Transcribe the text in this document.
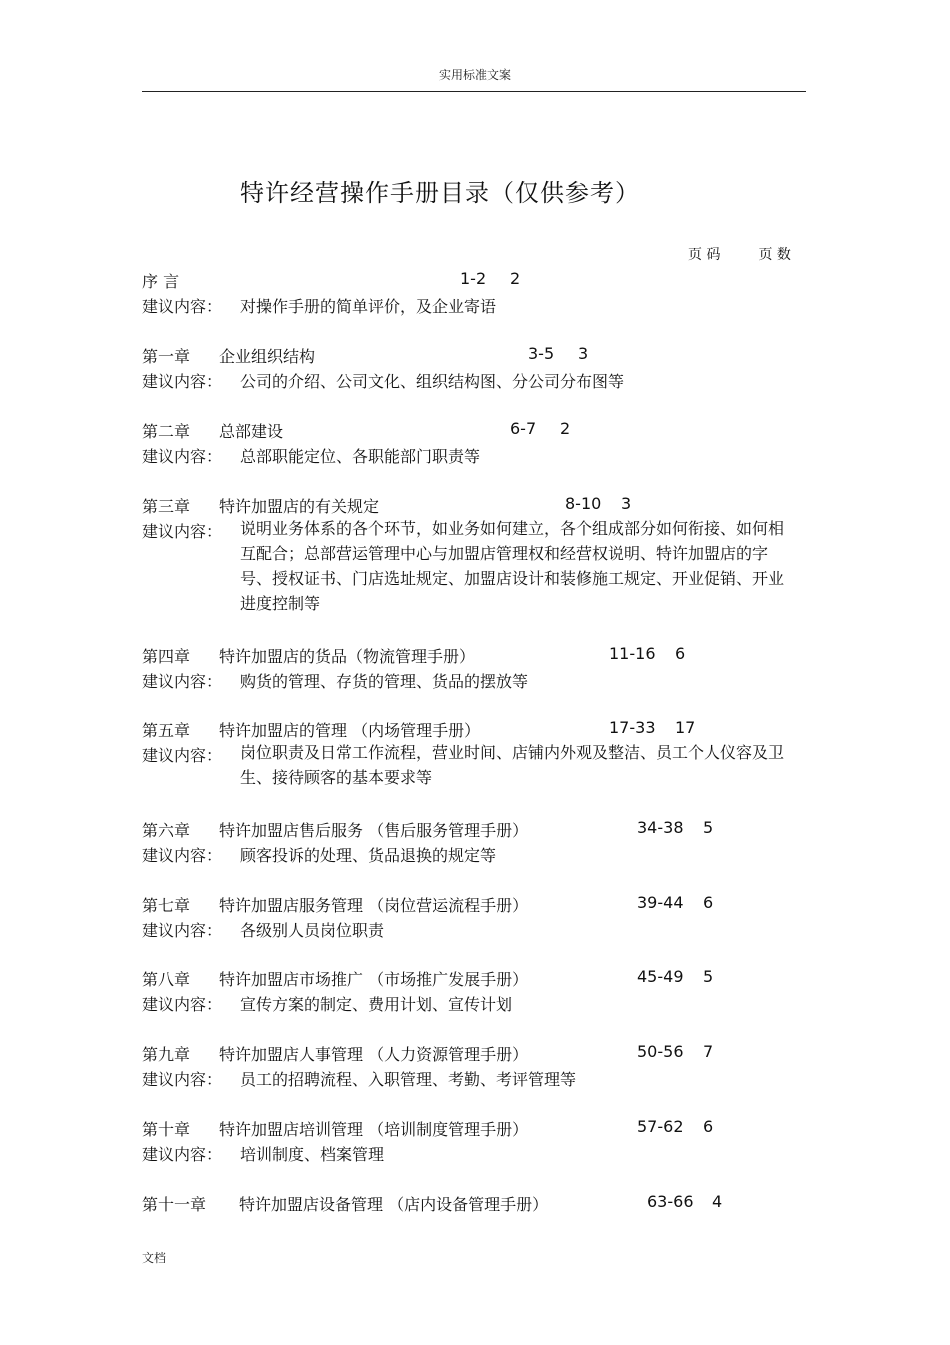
实用标准文案
特许经营操作手册目录（仅供参考）
页 码	页 数
序 言	1-2 2
建议内容： 对操作手册的简单评价，及企业寄语
第一章 企业组织结构	3-5 3
建议内容： 公司的介绍、公司文化、组织结构图、分公司分布图等
第二章 总部建设	6-7 2
建议内容： 总部职能定位、各职能部门职责等
第三章 特许加盟店的有关规定	8-10 3
建议内容： 说明业务体系的各个环节，如业务如何建立，各个组成部分如何衔接、如何相互配合；总部营运管理中心与加盟店管理权和经营权说明、特许加盟店的字号、授权证书、门店选址规定、加盟店设计和装修施工规定、开业促销、开业进度控制等
第四章 特许加盟店的货品（物流管理手册）	11-16 6
建议内容： 购货的管理、存货的管理、货品的摆放等
第五章 特许加盟店的管理 （内场管理手册）	17-33 17
建议内容： 岗位职责及日常工作流程，营业时间、店铺内外观及整洁、员工个人仪容及卫生、接待顾客的基本要求等
第六章 特许加盟店售后服务 （售后服务管理手册）	34-38 5
建议内容： 顾客投诉的处理、货品退换的规定等
第七章 特许加盟店服务管理 （岗位营运流程手册）	39-44 6
建议内容： 各级别人员岗位职责
第八章 特许加盟店市场推广 （市场推广发展手册）	45-49 5
建议内容： 宣传方案的制定、费用计划、宣传计划
第九章 特许加盟店人事管理 （人力资源管理手册）	50-56 7
建议内容： 员工的招聘流程、入职管理、考勤、考评管理等
第十章 特许加盟店培训管理 （培训制度管理手册）	57-62 6
建议内容： 培训制度、档案管理
第十一章 特许加盟店设备管理 （店内设备管理手册）	63-66 4
文档
